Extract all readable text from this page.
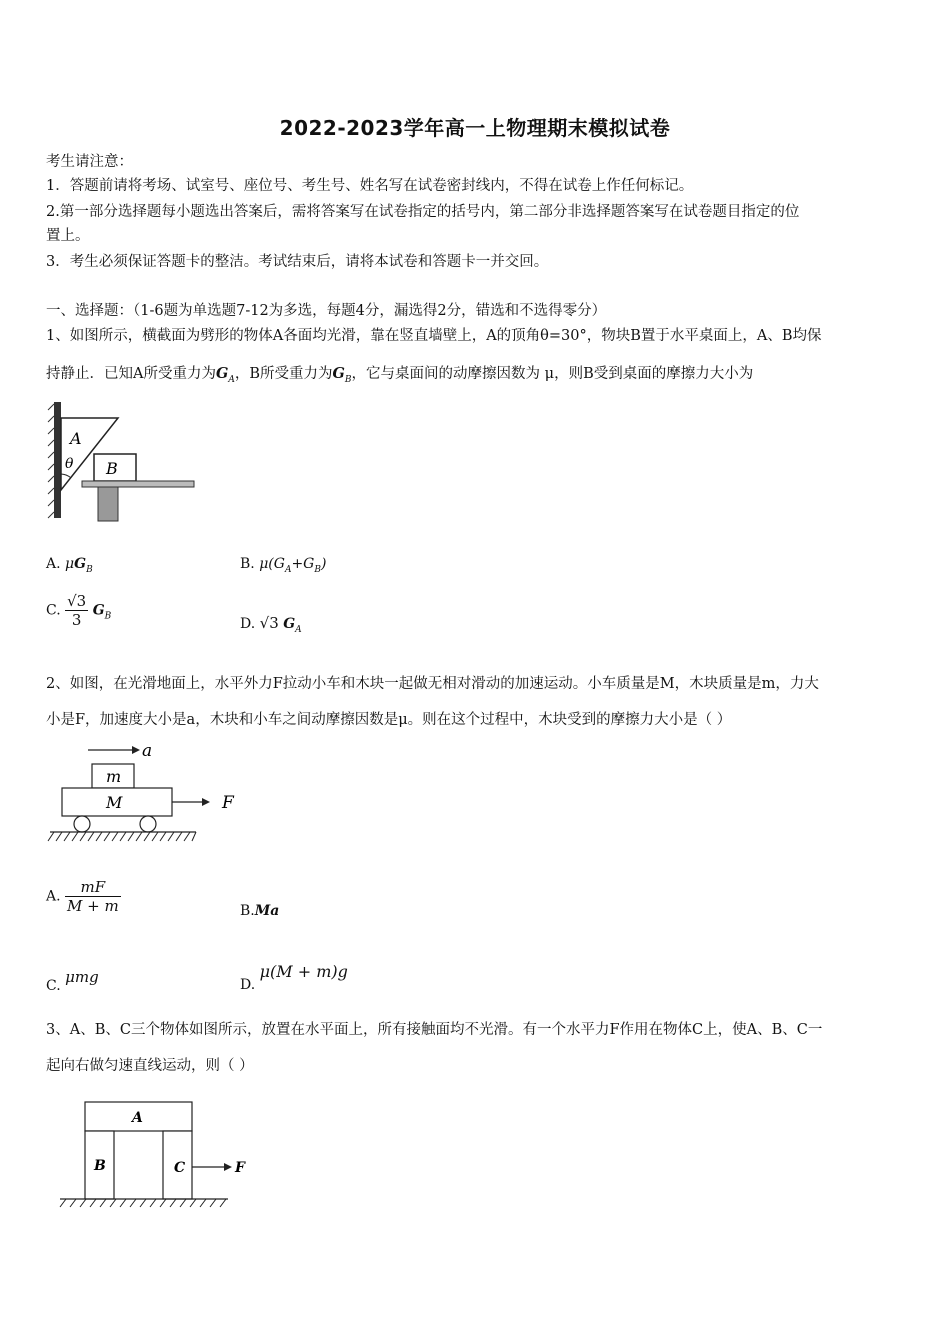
2022-2023学年高一上物理期末模拟试卷
考生请注意：
1．答题前请将考场、试室号、座位号、考生号、姓名写在试卷密封线内，不得在试卷上作任何标记。
2.第一部分选择题每小题选出答案后，需将答案写在试卷指定的括号内，第二部分非选择题答案写在试卷题目指定的位
置上。
3．考生必须保证答题卡的整洁。考试结束后，请将本试卷和答题卡一并交回。
一、选择题：（1-6题为单选题7-12为多选，每题4分，漏选得2分，错选和不选得零分）
1、如图所示，横截面为劈形的物体A各面均光滑，靠在竖直墙壁上，A的顶角θ=30°，物块B置于水平桌面上，A、B均保
持静止．已知A所受重力为$G_A$，B所受重力为$G_B$，它与桌面间的动摩擦因数为 μ，则B受到桌面的摩擦力大小为
A
θ B
A. $\mu G_B$	B. $\mu(G_A+G_B)$
C. $\frac{√3}{3} G_B$	D. √3 $G_A$
2、如图，在光滑地面上，水平外力F拉动小车和木块一起做无相对滑动的加速运动。小车质量是M，木块质量是m，力大
小是F，加速度大小是a，木块和小车之间动摩擦因数是μ。则在这个过程中，木块受到的摩擦力大小是（ ）
a
m
M	F
A. $\frac{mF}{M + m}$	B.Ma
C. μmg	D. μ(M + m)g
3、A、B、C三个物体如图所示，放置在水平面上，所有接触面均不光滑。有一个水平力F作用在物体C上，使A、B、C一
起向右做匀速直线运动，则（ ）
A
B	C	F
